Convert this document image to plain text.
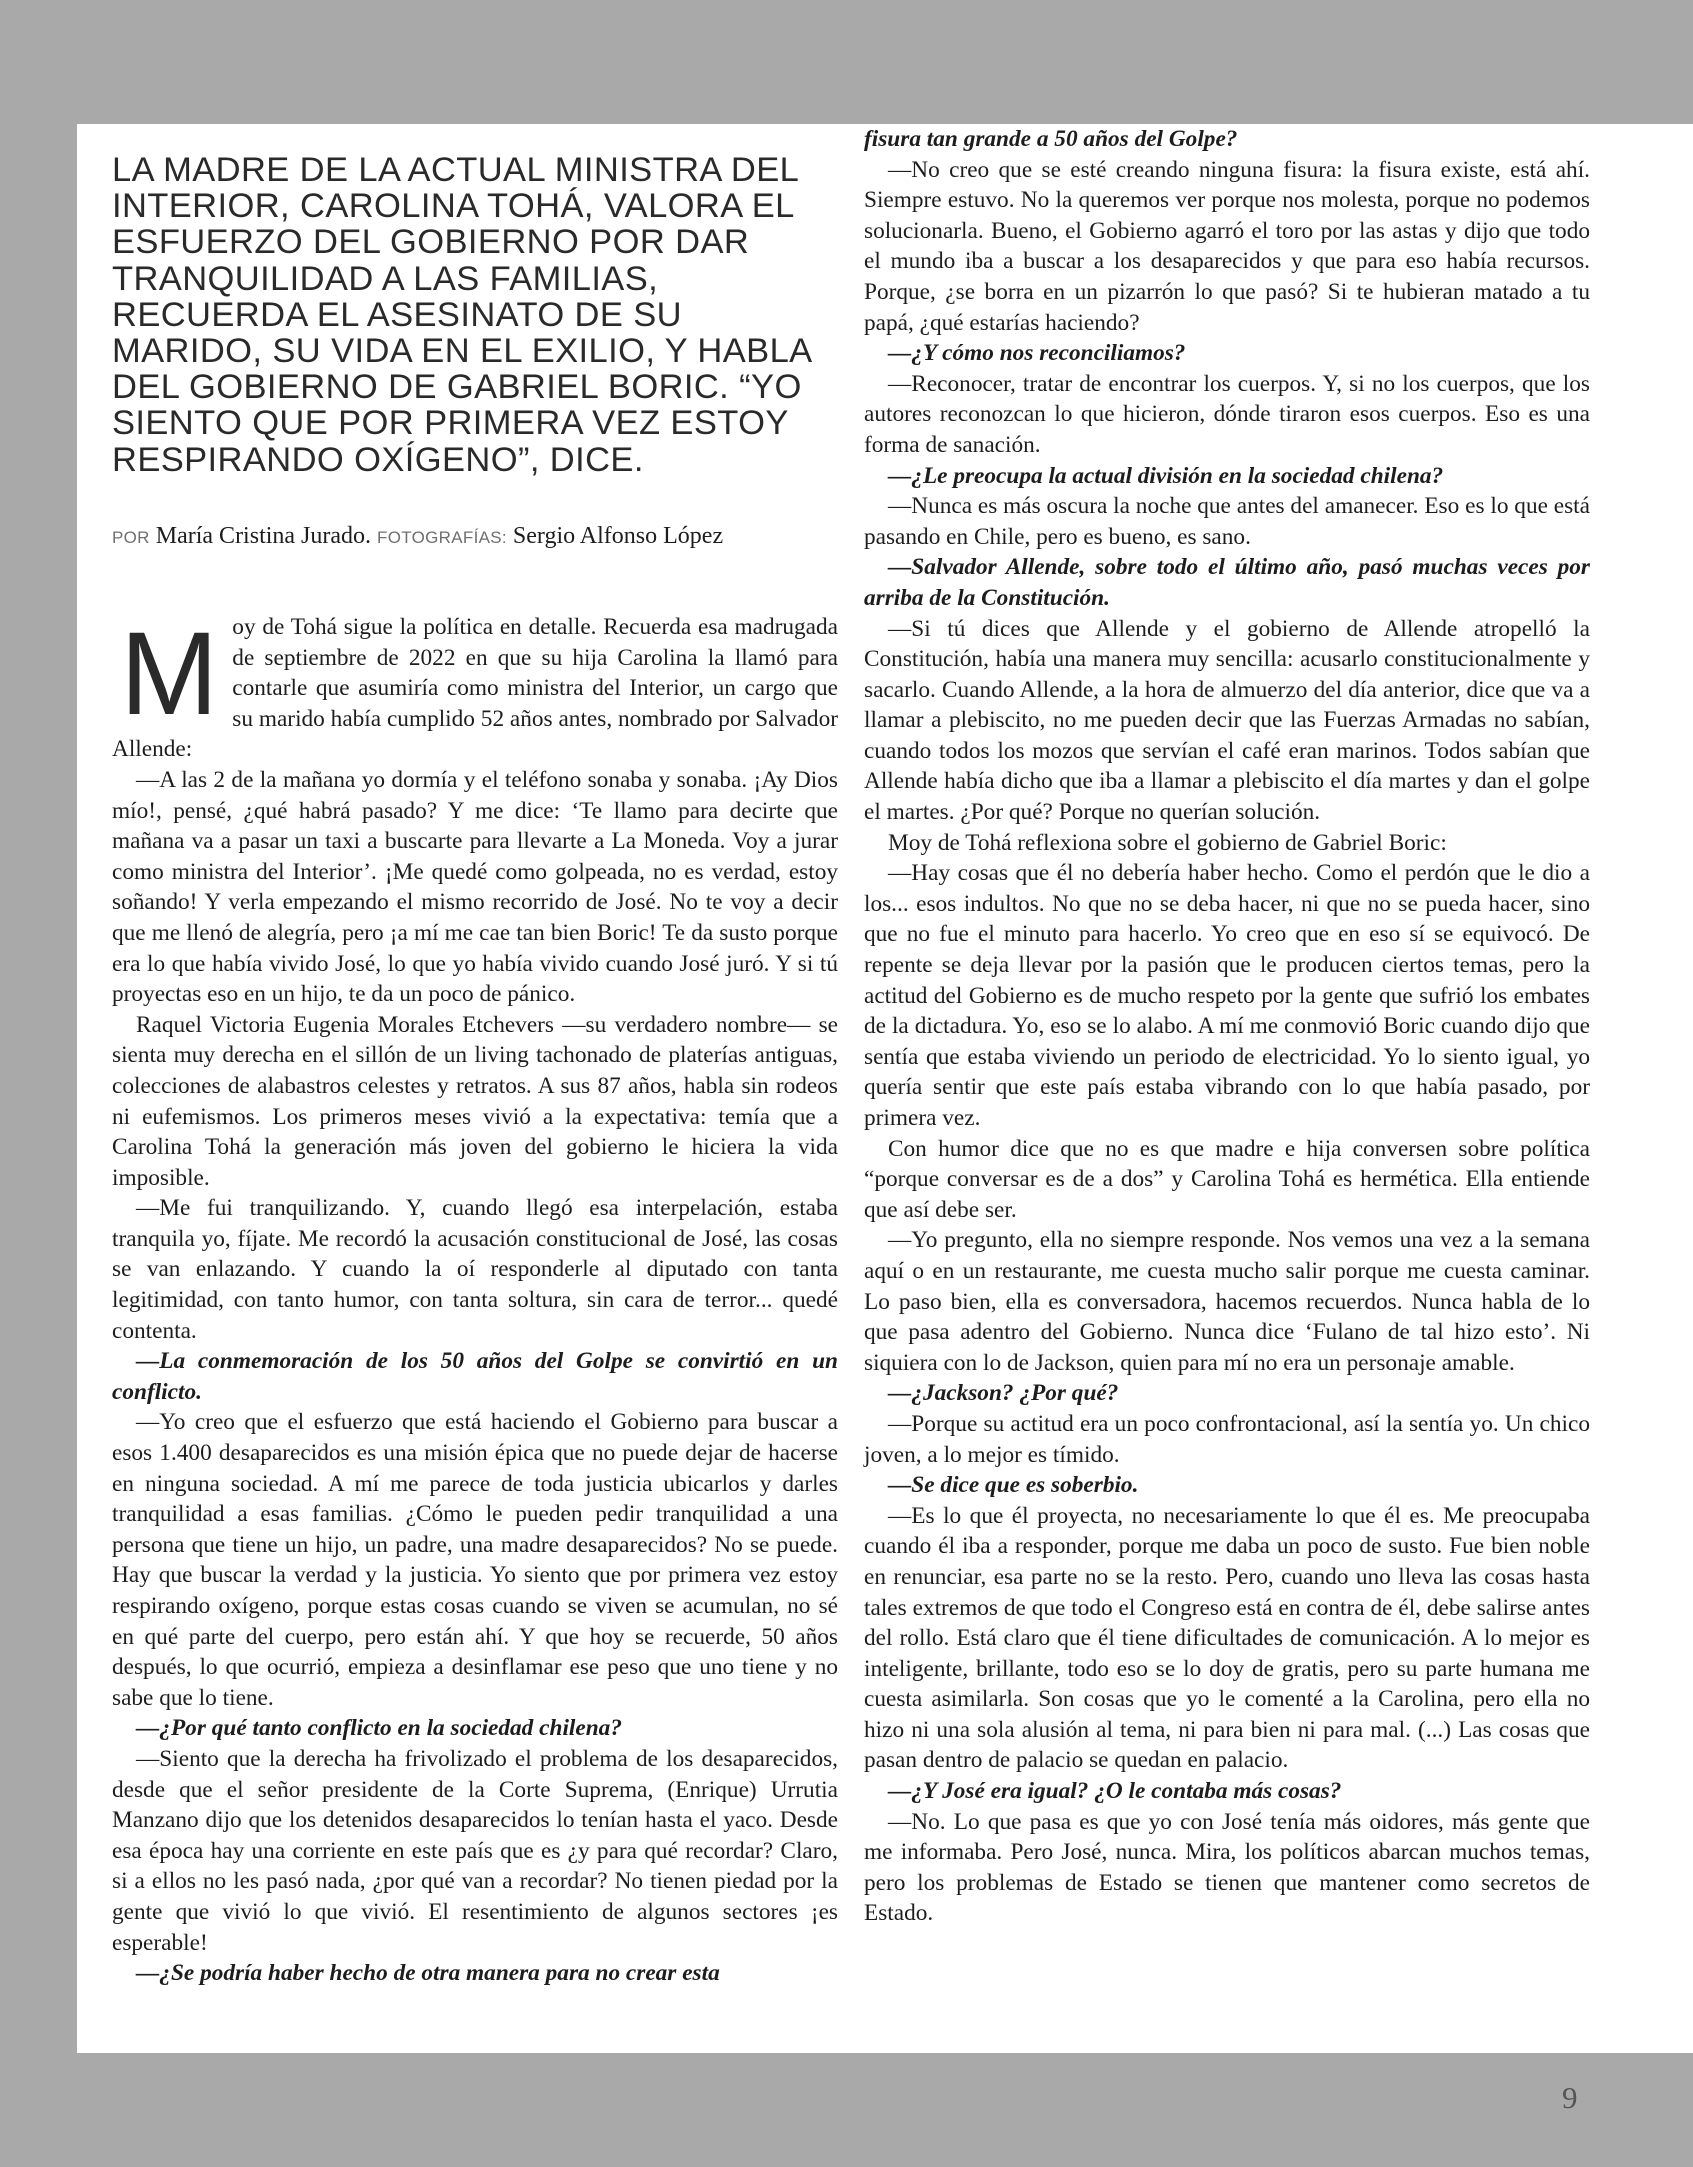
LA MADRE DE LA ACTUAL MINISTRA DEL INTERIOR, CAROLINA TOHÁ, VALORA EL ESFUERZO DEL GOBIERNO POR DAR TRANQUILIDAD A LAS FAMILIAS, RECUERDA EL ASESINATO DE SU MARIDO, SU VIDA EN EL EXILIO, Y HABLA DEL GOBIERNO DE GABRIEL BORIC. “YO SIENTO QUE POR PRIMERA VEZ ESTOY RESPIRANDO OXÍGENO”, DICE.
POR María Cristina Jurado. FOTOGRAFÍAS: Sergio Alfonso López

M oy de Tohá sigue la política en detalle. Recuerda esa madrugada de septiembre de 2022 en que su hija Carolina la llamó para contarle que asumiría como ministra del Interior, un cargo que su marido había cumplido 52 años antes, nombrado por Salvador Allende:

—A las 2 de la mañana yo dormía y el teléfono sonaba y sonaba. ¡Ay Dios mío!, pensé, ¿qué habrá pasado? Y me dice: ‘Te llamo para decirte que mañana va a pasar un taxi a buscarte para llevarte a La Moneda. Voy a jurar como ministra del Interior’. ¡Me quedé como golpeada, no es verdad, estoy soñando! Y verla empezando el mismo recorrido de José. No te voy a decir que me llenó de alegría, pero ¡a mí me cae tan bien Boric! Te da susto porque era lo que había vivido José, lo que yo había vivido cuando José juró. Y si tú proyectas eso en un hijo, te da un poco de pánico.

Raquel Victoria Eugenia Morales Etchevers —su verdadero nombre— se sienta muy derecha en el sillón de un living tachonado de platerías antiguas, colecciones de alabastros celestes y retratos. A sus 87 años, habla sin rodeos ni eufemismos. Los primeros meses vivió a la expectativa: temía que a Carolina Tohá la generación más joven del gobierno le hiciera la vida imposible.

—Me fui tranquilizando. Y, cuando llegó esa interpelación, estaba tranquila yo, fíjate. Me recordó la acusación constitucional de José, las cosas se van enlazando. Y cuando la oí responderle al diputado con tanta legitimidad, con tanto humor, con tanta soltura, sin cara de terror... quedé contenta.

—La conmemoración de los 50 años del Golpe se convirtió en un conflicto.

—Yo creo que el esfuerzo que está haciendo el Gobierno para buscar a esos 1.400 desaparecidos es una misión épica que no puede dejar de hacerse en ninguna sociedad. A mí me parece de toda justicia ubicarlos y darles tranquilidad a esas familias. ¿Cómo le pueden pedir tranquilidad a una persona que tiene un hijo, un padre, una madre desaparecidos? No se puede. Hay que buscar la verdad y la justicia. Yo siento que por primera vez estoy respirando oxígeno, porque estas cosas cuando se viven se acumulan, no sé en qué parte del cuerpo, pero están ahí. Y que hoy se recuerde, 50 años después, lo que ocurrió, empieza a desinflamar ese peso que uno tiene y no sabe que lo tiene.

—¿Por qué tanto conflicto en la sociedad chilena?

—Siento que la derecha ha frivolizado el problema de los desaparecidos, desde que el señor presidente de la Corte Suprema, (Enrique) Urrutia Manzano dijo que los detenidos desaparecidos lo tenían hasta el yaco. Desde esa época hay una corriente en este país que es ¿y para qué recordar? Claro, si a ellos no les pasó nada, ¿por qué van a recordar? No tienen piedad por la gente que vivió lo que vivió. El resentimiento de algunos sectores ¡es esperable!

—¿Se podría haber hecho de otra manera para no crear esta

fisura tan grande a 50 años del Golpe?

—No creo que se esté creando ninguna fisura: la fisura existe, está ahí. Siempre estuvo. No la queremos ver porque nos molesta, porque no podemos solucionarla. Bueno, el Gobierno agarró el toro por las astas y dijo que todo el mundo iba a buscar a los desaparecidos y que para eso había recursos. Porque, ¿se borra en un pizarrón lo que pasó? Si te hubieran matado a tu papá, ¿qué estarías haciendo?

—¿Y cómo nos reconciliamos?

—Reconocer, tratar de encontrar los cuerpos. Y, si no los cuerpos, que los autores reconozcan lo que hicieron, dónde tiraron esos cuerpos. Eso es una forma de sanación.

—¿Le preocupa la actual división en la sociedad chilena?

—Nunca es más oscura la noche que antes del amanecer. Eso es lo que está pasando en Chile, pero es bueno, es sano.

—Salvador Allende, sobre todo el último año, pasó muchas veces por arriba de la Constitución.

—Si tú dices que Allende y el gobierno de Allende atropelló la Constitución, había una manera muy sencilla: acusarlo constitucionalmente y sacarlo. Cuando Allende, a la hora de almuerzo del día anterior, dice que va a llamar a plebiscito, no me pueden decir que las Fuerzas Armadas no sabían, cuando todos los mozos que servían el café eran marinos. Todos sabían que Allende había dicho que iba a llamar a plebiscito el día martes y dan el golpe el martes. ¿Por qué? Porque no querían solución.

Moy de Tohá reflexiona sobre el gobierno de Gabriel Boric:

—Hay cosas que él no debería haber hecho. Como el perdón que le dio a los... esos indultos. No que no se deba hacer, ni que no se pueda hacer, sino que no fue el minuto para hacerlo. Yo creo que en eso sí se equivocó. De repente se deja llevar por la pasión que le producen ciertos temas, pero la actitud del Gobierno es de mucho respeto por la gente que sufrió los embates de la dictadura. Yo, eso se lo alabo. A mí me conmovió Boric cuando dijo que sentía que estaba viviendo un periodo de electricidad. Yo lo siento igual, yo quería sentir que este país estaba vibrando con lo que había pasado, por primera vez.

Con humor dice que no es que madre e hija conversen sobre política “porque conversar es de a dos” y Carolina Tohá es hermética. Ella entiende que así debe ser.

—Yo pregunto, ella no siempre responde. Nos vemos una vez a la semana aquí o en un restaurante, me cuesta mucho salir porque me cuesta caminar. Lo paso bien, ella es conversadora, hacemos recuerdos. Nunca habla de lo que pasa adentro del Gobierno. Nunca dice ‘Fulano de tal hizo esto’. Ni siquiera con lo de Jackson, quien para mí no era un personaje amable.

—¿Jackson? ¿Por qué?

—Porque su actitud era un poco confrontacional, así la sentía yo. Un chico joven, a lo mejor es tímido.

—Se dice que es soberbio.

—Es lo que él proyecta, no necesariamente lo que él es. Me preocupaba cuando él iba a responder, porque me daba un poco de susto. Fue bien noble en renunciar, esa parte no se la resto. Pero, cuando uno lleva las cosas hasta tales extremos de que todo el Congreso está en contra de él, debe salirse antes del rollo. Está claro que él tiene dificultades de comunicación. A lo mejor es inteligente, brillante, todo eso se lo doy de gratis, pero su parte humana me cuesta asimilarla. Son cosas que yo le comenté a la Carolina, pero ella no hizo ni una sola alusión al tema, ni para bien ni para mal. (...) Las cosas que pasan dentro de palacio se quedan en palacio.

—¿Y José era igual? ¿O le contaba más cosas?

—No. Lo que pasa es que yo con José tenía más oidores, más gente que me informaba. Pero José, nunca. Mira, los políticos abarcan muchos temas, pero los problemas de Estado se tienen que mantener como secretos de Estado.

9
